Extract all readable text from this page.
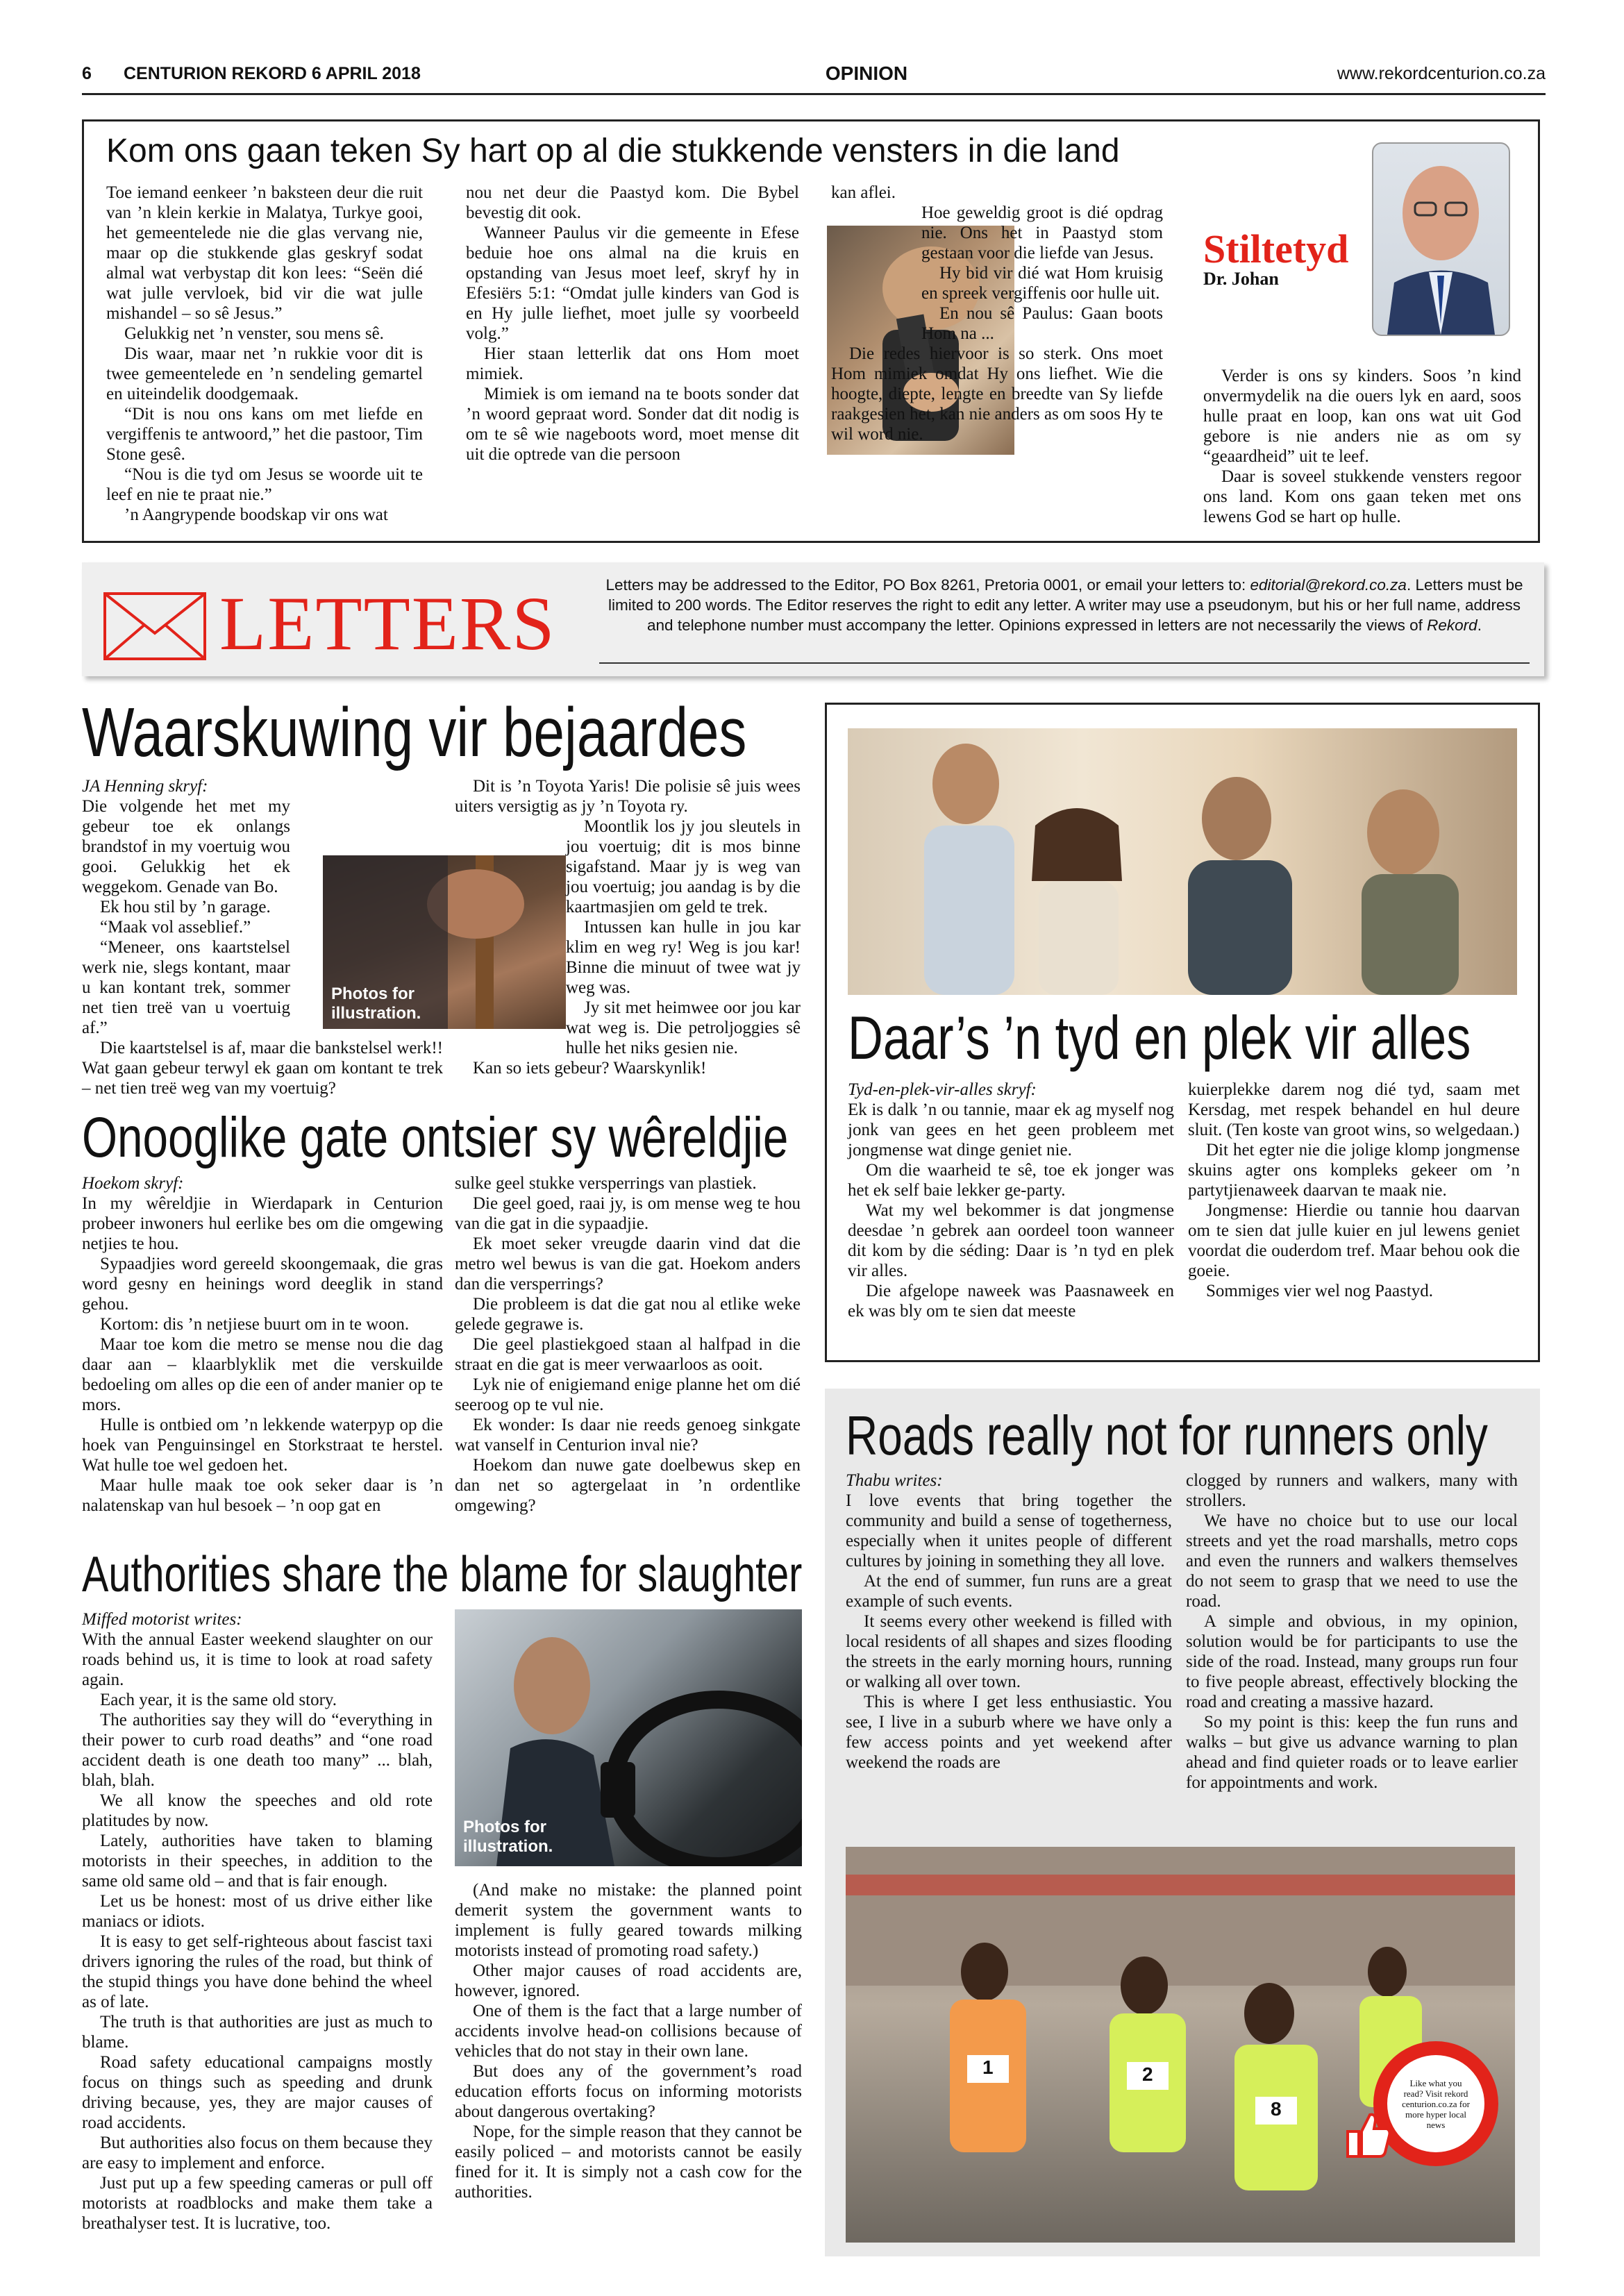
6 CENTURION REKORD 6 APRIL 2018	OPINION	www.rekordcenturion.co.za
Kom ons gaan teken Sy hart op al die stukkende vensters in die land

Toe iemand eenkeer ’n baksteen deur die ruit van ’n klein kerkie in Malatya, Turkye gooi, het gemeentelede nie die glas vervang nie, maar op die stukkende glas geskryf sodat almal wat verbystap dit kon lees: “Seën dié wat julle vervloek, bid vir die wat julle mishandel – so sê Jesus.”

Gelukkig net ’n venster, sou mens sê.

Dis waar, maar net ’n rukkie voor dit is twee gemeentelede en ’n sendeling gemartel en uiteindelik doodgemaak.

“Dit is nou ons kans om met liefde en vergiffenis te antwoord,” het die pastoor, Tim Stone gesê.

“Nou is die tyd om Jesus se woorde uit te leef en nie te praat nie.”

’n Aangrypende boodskap vir ons wat

nou net deur die Paastyd kom. Die Bybel bevestig dit ook.

Wanneer Paulus vir die gemeente in Efese beduie hoe ons almal na die kruis en opstanding van Jesus moet leef, skryf hy in Efesiërs 5:1: “Omdat julle kinders van God is en Hy julle liefhet, moet julle sy voorbeeld volg.”

Hier staan letterlik dat ons Hom moet mimiek.

Mimiek is om iemand na te boots sonder dat ’n woord gepraat word. Sonder dat dit nodig is om te sê wie nageboots word, moet mense dit uit die optrede van die persoon

kan aflei.

Hoe geweldig groot is dié opdrag nie. Ons het in Paastyd stom gestaan voor die liefde van Jesus.

Hy bid vir dié wat Hom kruisig en spreek vergiffenis oor hulle uit.

En nou sê Paulus: Gaan boots Hom na ...

Die redes hiervoor is so sterk. Ons moet Hom mimiek omdat Hy ons liefhet. Wie die hoogte, diepte, lengte en breedte van Sy liefde raakgesien het, kan nie anders as om soos Hy te wil word nie.

Stiltetyd
Dr. Johan

Verder is ons sy kinders. Soos ’n kind onvermydelik na die ouers lyk en aard, soos hulle praat en loop, kan ons wat uit God gebore is nie anders nie as om sy “geaardheid” uit te leef.

Daar is soveel stukkende vensters regoor ons land. Kom ons gaan teken met ons lewens God se hart op hulle.

LETTERS	Letters may be addressed to the Editor, PO Box 8261, Pretoria 0001, or email your letters to: editorial@rekord.co.za. Letters must be limited to 200 words. The Editor reserves the right to edit any letter. A writer may use a pseudonym, but his or her full name, address and telephone number must accompany the letter. Opinions expressed in letters are not necessarily the views of Rekord.
Waarskuwing vir bejaardes

JA Henning skryf:

Die volgende het met my gebeur toe ek onlangs brandstof in my voertuig wou gooi. Gelukkig het ek weggekom. Genade van Bo.

Ek hou stil by ’n garage.

“Maak vol asseblief.”

“Meneer, ons kaartstelsel werk nie, slegs kontant, maar u kan kontant trek, sommer net tien treë van u voertuig af.”

Die kaartstelsel is af, maar die bankstelsel werk!! Wat gaan gebeur terwyl ek gaan om kontant te trek – net tien treë weg van my voertuig?

Photos for illustration.

Dit is ’n Toyota Yaris! Die polisie sê juis wees uiters versigtig as jy ’n Toyota ry.

Moontlik los jy jou sleutels in jou voertuig; dit is mos binne sigafstand. Maar jy is weg van jou voertuig; jou aandag is by die kaartmasjien om geld te trek.

Intussen kan hulle in jou kar klim en weg ry! Weg is jou kar! Binne die minuut of twee wat jy weg was.

Jy sit met heimwee oor jou kar wat weg is. Die petroljoggies sê hulle het niks gesien nie.

Kan so iets gebeur? Waarskynlik!

Onooglike gate ontsier sy wêreldjie

Hoekom skryf:

In my wêreldjie in Wierdapark in Centurion probeer inwoners hul eerlike bes om die omgewing netjies te hou.

Sypaadjies word gereeld skoongemaak, die gras word gesny en heinings word deeglik in stand gehou.

Kortom: dis ’n netjiese buurt om in te woon.

Maar toe kom die metro se mense nou die dag daar aan – klaarblyklik met die verskuilde bedoeling om alles op die een of ander manier op te mors.

Hulle is ontbied om ’n lekkende waterpyp op die hoek van Penguinsingel en Storkstraat te herstel. Wat hulle toe wel gedoen het.

Maar hulle maak toe ook seker daar is ’n nalatenskap van hul besoek – ’n oop gat en

sulke geel stukke versperrings van plastiek.

Die geel goed, raai jy, is om mense weg te hou van die gat in die sypaadjie.

Ek moet seker vreugde daarin vind dat die metro wel bewus is van die gat. Hoekom anders dan die versperrings?

Die probleem is dat die gat nou al etlike weke gelede gegrawe is.

Die geel plastiekgoed staan al halfpad in die straat en die gat is meer verwaarloos as ooit.

Lyk nie of enigiemand enige planne het om dié seeroog op te vul nie.

Ek wonder: Is daar nie reeds genoeg sinkgate wat vanself in Centurion inval nie?

Hoekom dan nuwe gate doelbewus skep en dan net so agtergelaat in ’n ordentlike omgewing?

Authorities share the blame for slaughter

Miffed motorist writes:

With the annual Easter weekend slaughter on our roads behind us, it is time to look at road safety again.

Each year, it is the same old story.

The authorities say they will do “everything in their power to curb road deaths” and “one road accident death is one death too many” ... blah, blah, blah.

We all know the speeches and old rote platitudes by now.

Lately, authorities have taken to blaming motorists in their speeches, in addition to the same old same old – and that is fair enough.

Let us be honest: most of us drive either like maniacs or idiots.

It is easy to get self-righteous about fascist taxi drivers ignoring the rules of the road, but think of the stupid things you have done behind the wheel as of late.

The truth is that authorities are just as much to blame.

Road safety educational campaigns mostly focus on things such as speeding and drunk driving because, yes, they are major causes of road accidents.

But authorities also focus on them because they are easy to implement and enforce.

Just put up a few speeding cameras or pull off motorists at roadblocks and make them take a breathalyser test. It is lucrative, too.

Photos for illustration.

(And make no mistake: the planned point demerit system the government wants to implement is fully geared towards milking motorists instead of promoting road safety.)

Other major causes of road accidents are, however, ignored.

One of them is the fact that a large number of accidents involve head-on collisions because of vehicles that do not stay in their own lane.

But does any of the government’s road education efforts focus on informing motorists about dangerous overtaking?

Nope, for the simple reason that they cannot be easily policed – and motorists cannot be easily fined for it. It is simply not a cash cow for the authorities.

Daar’s ’n tyd en plek vir alles

Tyd-en-plek-vir-alles skryf:

Ek is dalk ’n ou tannie, maar ek ag myself nog jonk van gees en het geen probleem met jongmense wat dinge geniet nie.

Om die waarheid te sê, toe ek jonger was het ek self baie lekker ge-party.

Wat my wel bekommer is dat jongmense deesdae ’n gebrek aan oordeel toon wanneer dit kom by die séding: Daar is ’n tyd en plek vir alles.

Die afgelope naweek was Paasnaweek en ek was bly om te sien dat meeste

kuierplekke darem nog dié tyd, saam met Kersdag, met respek behandel en hul deure sluit. (Ten koste van groot wins, so welgedaan.)

Dit het egter nie die jolige klomp jongmense skuins agter ons kompleks gekeer om ’n partytjienaweek daarvan te maak nie.

Jongmense: Hierdie ou tannie hou daarvan om te sien dat julle kuier en jul lewens geniet voordat die ouderdom tref. Maar behou ook die goeie.

Sommiges vier wel nog Paastyd.

Roads really not for runners only

Thabu writes:

I love events that bring together the community and build a sense of togetherness, especially when it unites people of different cultures by joining in something they all love.

At the end of summer, fun runs are a great example of such events.

It seems every other weekend is filled with local residents of all shapes and sizes flooding the streets in the early morning hours, running or walking all over town.

This is where I get less enthusiastic. You see, I live in a suburb where we have only a few access points and yet weekend after weekend the roads are

clogged by runners and walkers, many with strollers.

We have no choice but to use our local streets and yet the road marshalls, metro cops and even the runners and walkers themselves do not seem to grasp that we need to use the road.

A simple and obvious, in my opinion, solution would be for participants to use the side of the road. Instead, many groups run four to five people abreast, effectively blocking the road and creating a massive hazard.

So my point is this: keep the fun runs and walks – but give us advance warning to plan ahead and find quieter roads or to leave earlier for appointments and work.

1	2
8
Like what you read? Visit rekord centurion.co.za for more hyper local news
